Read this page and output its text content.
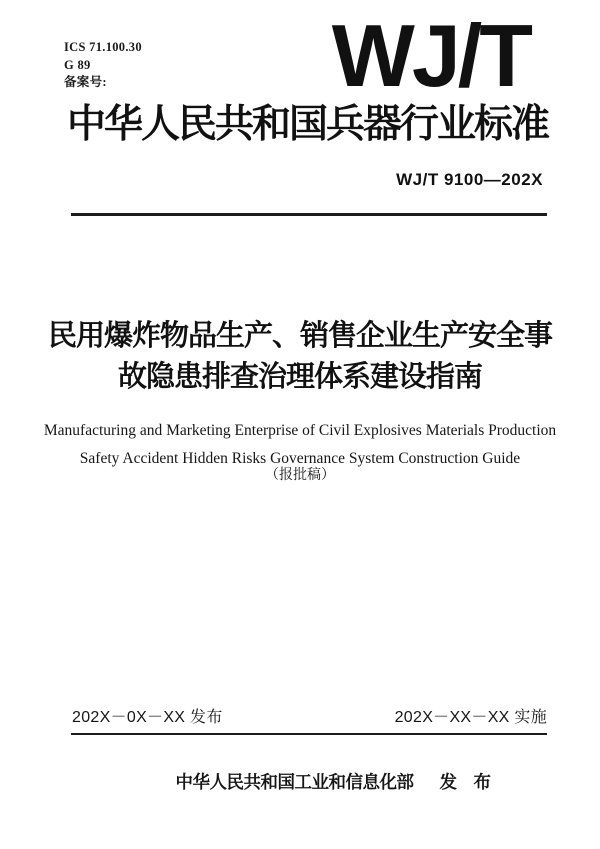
ICS 71.100.30
G 89
备案号:	WJ/T
中华人民共和国兵器行业标准
WJ/T 9100—202X
民用爆炸物品生产、销售企业生产安全事
故隐患排查治理体系建设指南
Manufacturing and Marketing Enterprise of Civil Explosives Materials Production
Safety Accident Hidden Risks Governance System Construction Guide
（报批稿）
202X－0X－XX 发布	202X－XX－XX 实施
中华人民共和国工业和信息化部 发　布
